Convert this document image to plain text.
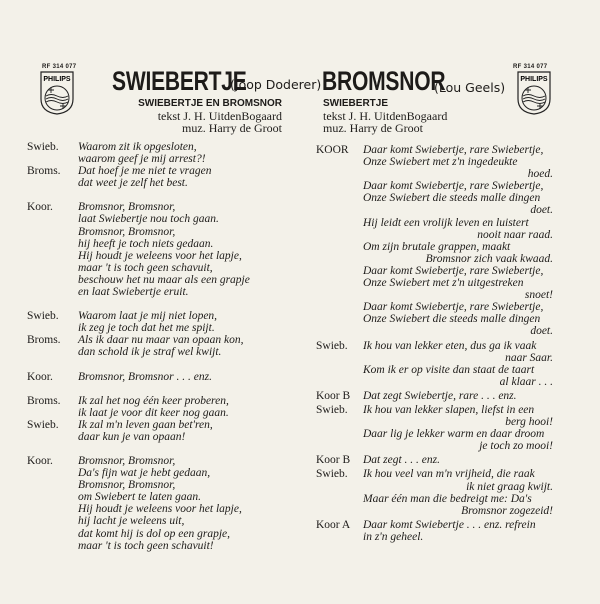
RF 314 077
PHILIPS
RF 314 077
PHILIPS
SWIEBERTJE
(Joop Doderer) BROMSNOR
(Lou Geels)
SWIEBERTJE EN BROMSNOR
tekst J. H. UitdenBogaard
muz. Harry de Groot
SWIEBERTJE
tekst J. H. UitdenBogaard
muz. Harry de Groot
Swieb.	Waarom zit ik opgesloten,
waarom geef je mij arrest?!
Broms.	Dat hoef je me niet te vragen
dat weet je zelf het best.
Koor.	Bromsnor, Bromsnor,
laat Swiebertje nou toch gaan.
Bromsnor, Bromsnor,
hij heeft je toch niets gedaan.
Hij houdt je weleens voor het lapje,
maar 't is toch geen schavuit,
beschouw het nu maar als een grapje
en laat Swiebertje eruit.
Swieb.	Waarom laat je mij niet lopen,
ik zeg je toch dat het me spijt.
Broms.	Als ik daar nu maar van opaan kon,
dan schold ik je straf wel kwijt.
Koor.	Bromsnor, Bromsnor . . . enz.
Broms.	Ik zal het nog één keer proberen,
ik laat je voor dit keer nog gaan.
Swieb.	Ik zal m'n leven gaan bet'ren,
daar kun je van opaan!
Koor.	Bromsnor, Bromsnor,
Da's fijn wat je hebt gedaan,
Bromsnor, Bromsnor,
om Swiebert te laten gaan.
Hij houdt je weleens voor het lapje,
hij lacht je weleens uit,
dat komt hij is dol op een grapje,
maar 't is toch geen schavuit!
KOOR	Daar komt Swiebertje, rare Swiebertje,
Onze Swiebert met z'n ingedeukte
hoed.
Daar komt Swiebertje, rare Swiebertje,
Onze Swiebert die steeds malle dingen
doet.
Hij leidt een vrolijk leven en luistert
nooit naar raad.
Om zijn brutale grappen, maakt
Bromsnor zich vaak kwaad.
Daar komt Swiebertje, rare Swiebertje,
Onze Swiebert met z'n uitgestreken
snoet!
Daar komt Swiebertje, rare Swiebertje,
Onze Swiebert die steeds malle dingen
doet.
Swieb.	Ik hou van lekker eten, dus ga ik vaak
naar Saar.
Kom ik er op visite dan staat de taart
al klaar . . .
Koor B	Dat zegt Swiebertje, rare . . . enz.
Swieb.	Ik hou van lekker slapen, liefst in een
berg hooi!
Daar lig je lekker warm en daar droom
je toch zo mooi!
Koor B	Dat zegt . . . enz.
Swieb.	Ik hou veel van m'n vrijheid, die raak
ik niet graag kwijt.
Maar één man die bedreigt me: Da's
Bromsnor zogezeid!
Koor A	Daar komt Swiebertje . . . enz. refrein
in z'n geheel.
